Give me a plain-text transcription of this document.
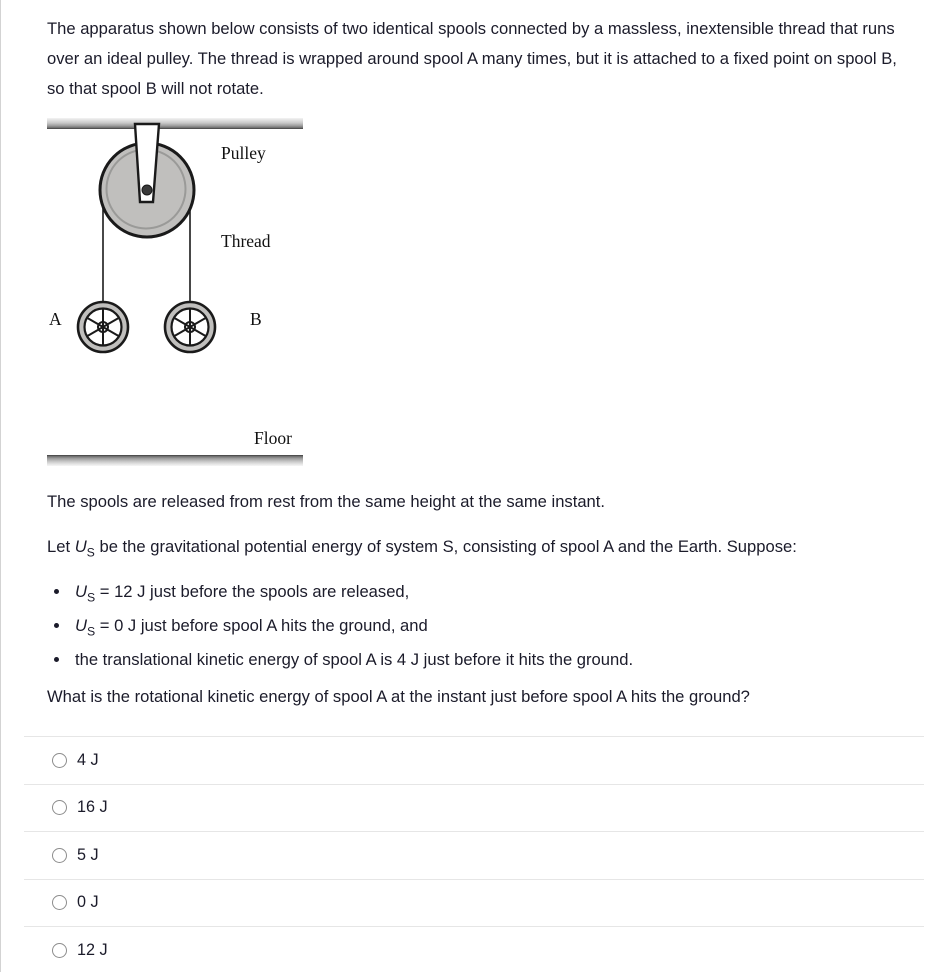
The apparatus shown below consists of two identical spools connected by a massless, inextensible thread that runs over an ideal pulley. The thread is wrapped around spool A many times, but it is attached to a fixed point on spool B, so that spool B will not rotate.

Pulley
Thread
Floor
A	B

The spools are released from rest from the same height at the same instant.

Let $U_S$ be the gravitational potential energy of system S, consisting of spool A and the Earth. Suppose:

• $U_S = 12$ J just before the spools are released,
• $U_S = 0$ J just before spool A hits the ground, and
• the translational kinetic energy of spool A is 4 J just before it hits the ground.

What is the rotational kinetic energy of spool A at the instant just before spool A hits the ground?

4 J
16 J
5 J
0 J
12 J
